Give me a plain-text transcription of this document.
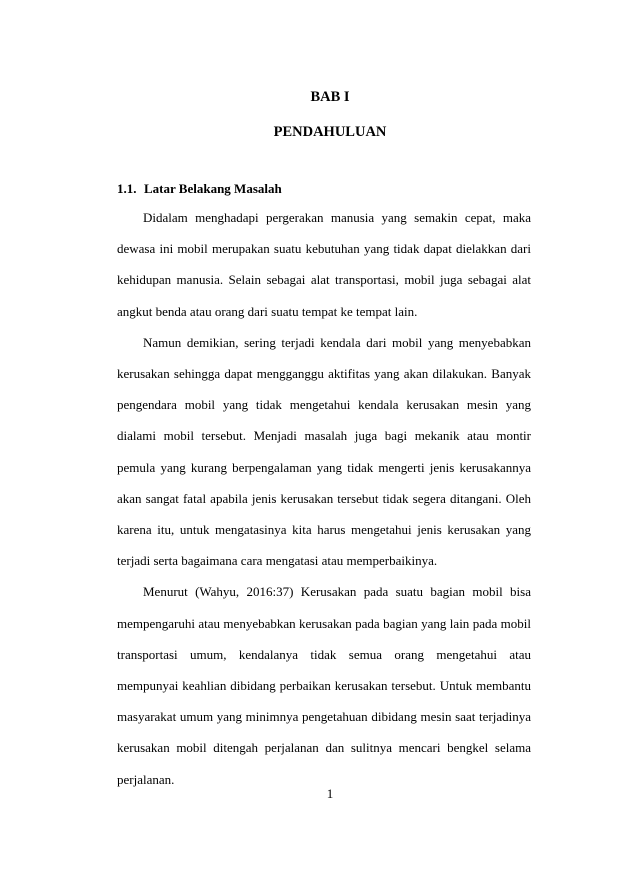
BAB I
PENDAHULUAN
1.1. Latar Belakang Masalah

Didalam menghadapi pergerakan manusia yang semakin cepat, maka dewasa ini mobil merupakan suatu kebutuhan yang tidak dapat dielakkan dari kehidupan manusia. Selain sebagai alat transportasi, mobil juga sebagai alat angkut benda atau orang dari suatu tempat ke tempat lain.

Namun demikian, sering terjadi kendala dari mobil yang menyebabkan kerusakan sehingga dapat mengganggu aktifitas yang akan dilakukan. Banyak pengendara mobil yang tidak mengetahui kendala kerusakan mesin yang dialami mobil tersebut. Menjadi masalah juga bagi mekanik atau montir pemula yang kurang berpengalaman yang tidak mengerti jenis kerusakannya akan sangat fatal apabila jenis kerusakan tersebut tidak segera ditangani. Oleh karena itu, untuk mengatasinya kita harus mengetahui jenis kerusakan yang terjadi serta bagaimana cara mengatasi atau memperbaikinya.

Menurut (Wahyu, 2016:37) Kerusakan pada suatu bagian mobil bisa mempengaruhi atau menyebabkan kerusakan pada bagian yang lain pada mobil transportasi umum, kendalanya tidak semua orang mengetahui atau mempunyai keahlian dibidang perbaikan kerusakan tersebut. Untuk membantu masyarakat umum yang minimnya pengetahuan dibidang mesin saat terjadinya kerusakan mobil ditengah perjalanan dan sulitnya mencari bengkel selama perjalanan.

1
